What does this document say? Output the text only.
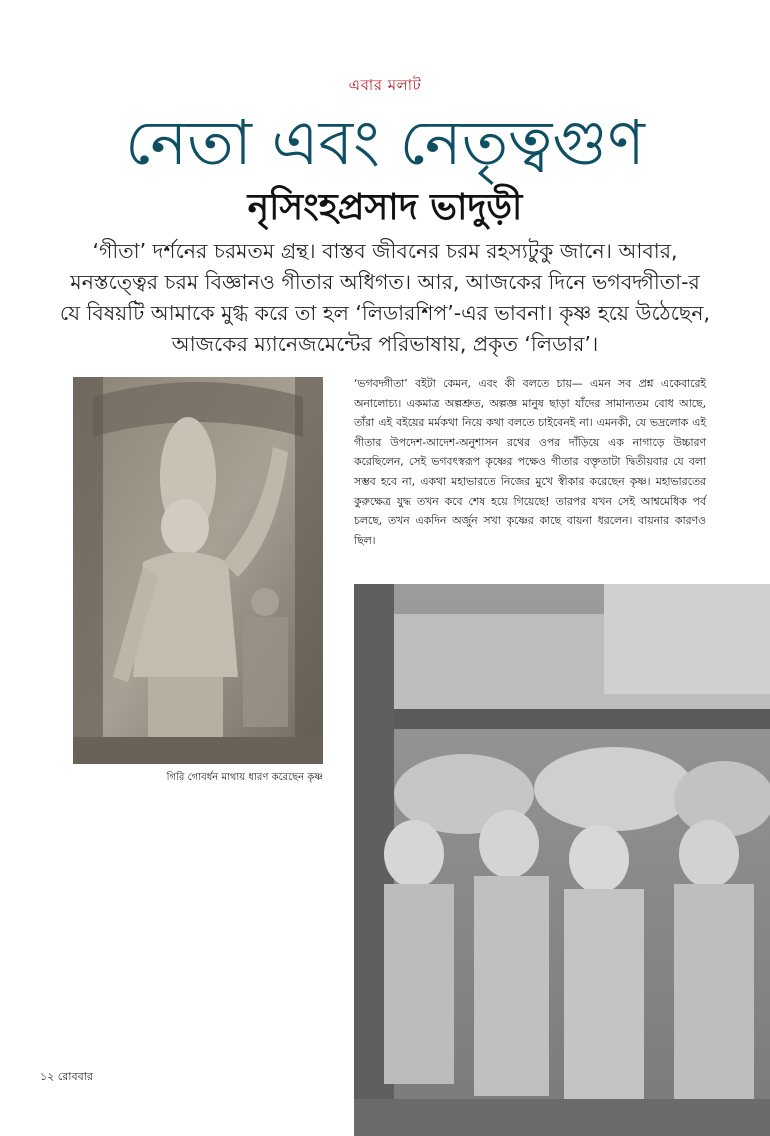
এবার মলাট
নেতা এবং নেতৃত্বগুণ
নৃসিংহপ্রসাদ ভাদুড়ী
‘গীতা’ দর্শনের চরমতম গ্রন্থ। বাস্তব জীবনের চরম রহস্যটুকু জানে। আবার, মনস্তত্ত্বের চরম বিজ্ঞানও গীতার অধিগত। আর, আজকের দিনে ভগবদ্গীতা-র যে বিষয়টি আমাকে মুগ্ধ করে তা হল ‘লিডারশিপ’-এর ভাবনা। কৃষ্ণ হয়ে উঠেছেন, আজকের ম্যানেজমেন্টের পরিভাষায়, প্রকৃত ‘লিডার’।
গিরি গোবর্ধন মাথায় ধারণ করেছেন কৃষ্ণ
‘ভগবদ্গীতা’ বইটা কেমন, এবং কী বলতে চায়— এমন সব প্রশ্ন একেবারেই অনালোচ্য। একমাত্র অল্পশ্রুত, অল্পজ্ঞ মানুষ ছাড়া যাঁদের সামান্যতম বোধ আছে, তাঁরা এই বইয়ের মর্মকথা নিয়ে কথা বলতে চাইবেনই না। এমনকী, যে ভদ্রলোক এই গীতার উপদেশ-আদেশ-অনুশাসন রথের ওপর দাঁড়িয়ে এক নাগাড়ে উচ্চারণ করেছিলেন, সেই ভগবৎস্বরূপ কৃষ্ণের পক্ষেও গীতার বক্তৃতাটা দ্বিতীয়বার যে বলা সম্ভব হবে না, একথা মহাভারতে নিজের মুখে স্বীকার করেছেন কৃষ্ণ। মহাভারতের কুরুক্ষেত্র যুদ্ধ তখন কবে শেষ হয়ে গিয়েছে! তারপর যখন সেই আশ্বমেধিক পর্ব চলছে, তখন একদিন অর্জুন সখা কৃষ্ণের কাছে বায়না ধরলেন। বায়নার কারণও ছিল।
১২ রোববার
